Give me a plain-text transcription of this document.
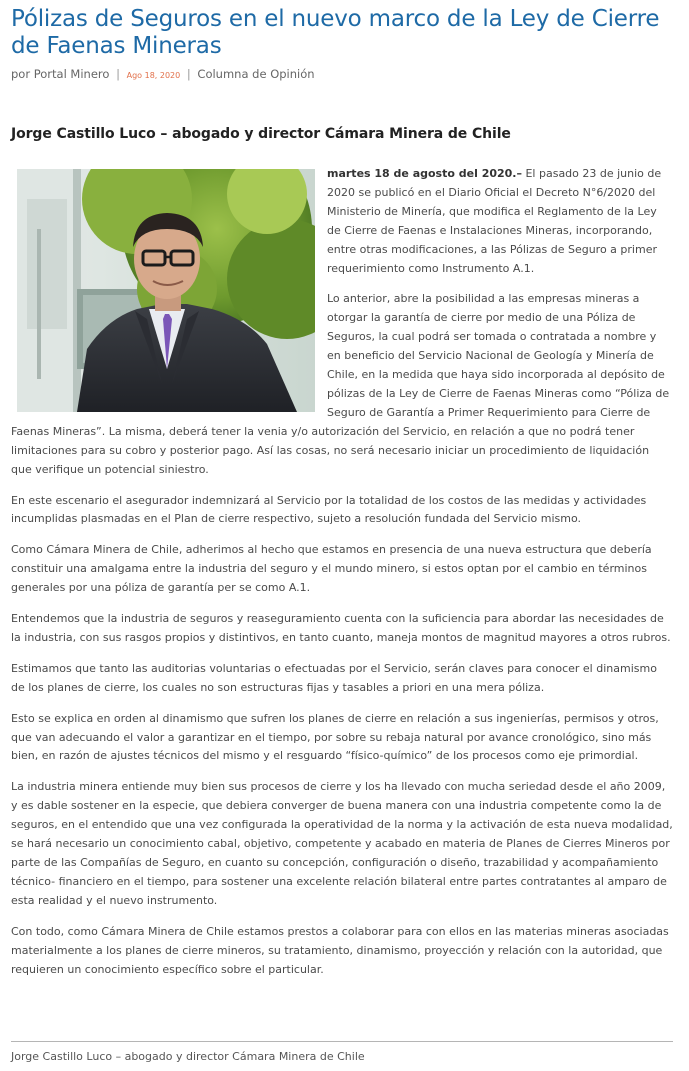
Pólizas de Seguros en el nuevo marco de la Ley de Cierre de Faenas Mineras
por Portal Minero | Ago 18, 2020 | Columna de Opinión
Jorge Castillo Luco – abogado y director Cámara Minera de Chile

martes 18 de agosto del 2020.– El pasado 23 de junio de 2020 se publicó en el Diario Oficial el Decreto N°6/2020 del Ministerio de Minería, que modifica el Reglamento de la Ley de Cierre de Faenas e Instalaciones Mineras, incorporando, entre otras modificaciones, a las Pólizas de Seguro a primer requerimiento como Instrumento A.1.

Lo anterior, abre la posibilidad a las empresas mineras a otorgar la garantía de cierre por medio de una Póliza de Seguros, la cual podrá ser tomada o contratada a nombre y en beneficio del Servicio Nacional de Geología y Minería de Chile, en la medida que haya sido incorporada al depósito de pólizas de la Ley de Cierre de Faenas Mineras como “Póliza de Seguro de Garantía a Primer Requerimiento para Cierre de Faenas Mineras”. La misma, deberá tener la venia y/o autorización del Servicio, en relación a que no podrá tener limitaciones para su cobro y posterior pago. Así las cosas, no será necesario iniciar un procedimiento de liquidación que verifique un potencial siniestro.

En este escenario el asegurador indemnizará al Servicio por la totalidad de los costos de las medidas y actividades incumplidas plasmadas en el Plan de cierre respectivo, sujeto a resolución fundada del Servicio mismo.

Como Cámara Minera de Chile, adherimos al hecho que estamos en presencia de una nueva estructura que debería constituir una amalgama entre la industria del seguro y el mundo minero, si estos optan por el cambio en términos generales por una póliza de garantía per se como A.1.

Entendemos que la industria de seguros y reaseguramiento cuenta con la suficiencia para abordar las necesidades de la industria, con sus rasgos propios y distintivos, en tanto cuanto, maneja montos de magnitud mayores a otros rubros.

Estimamos que tanto las auditorias voluntarias o efectuadas por el Servicio, serán claves para conocer el dinamismo de los planes de cierre, los cuales no son estructuras fijas y tasables a priori en una mera póliza.

Esto se explica en orden al dinamismo que sufren los planes de cierre en relación a sus ingenierías, permisos y otros, que van adecuando el valor a garantizar en el tiempo, por sobre su rebaja natural por avance cronológico, sino más bien, en razón de ajustes técnicos del mismo y el resguardo “físico-químico” de los procesos como eje primordial.

La industria minera entiende muy bien sus procesos de cierre y los ha llevado con mucha seriedad desde el año 2009, y es dable sostener en la especie, que debiera converger de buena manera con una industria competente como la de seguros, en el entendido que una vez configurada la operatividad de la norma y la activación de esta nueva modalidad, se hará necesario un conocimiento cabal, objetivo, competente y acabado en materia de Planes de Cierres Mineros por parte de las Compañías de Seguro, en cuanto su concepción, configuración o diseño, trazabilidad y acompañamiento técnico- financiero en el tiempo, para sostener una excelente relación bilateral entre partes contratantes al amparo de esta realidad y el nuevo instrumento.

Con todo, como Cámara Minera de Chile estamos prestos a colaborar para con ellos en las materias mineras asociadas materialmente a los planes de cierre mineros, su tratamiento, dinamismo, proyección y relación con la autoridad, que requieren un conocimiento específico sobre el particular.

Jorge Castillo Luco – abogado y director Cámara Minera de Chile
